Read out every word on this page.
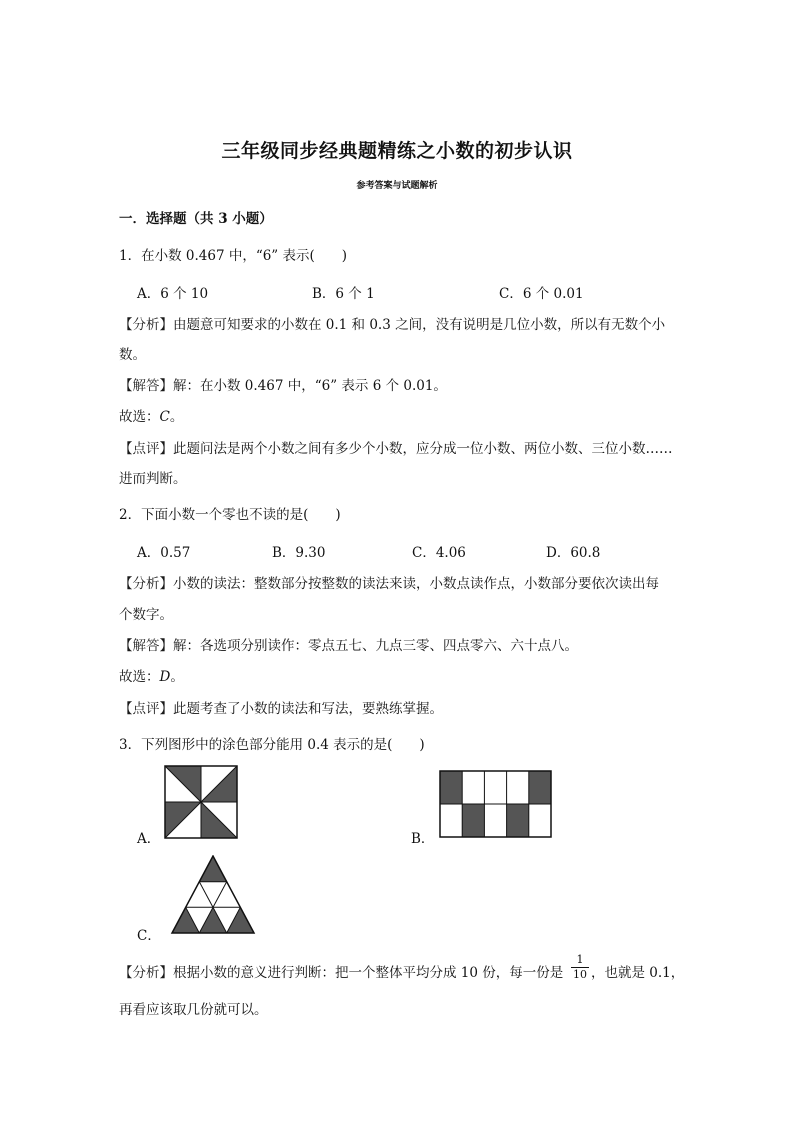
三年级同步经典题精练之小数的初步认识
参考答案与试题解析
一．选择题（共 3 小题）
1．在小数 0.467 中，“6” 表示(　　)
A．6 个 10	B．6 个 1	C．6 个 0.01
【分析】由题意可知要求的小数在 0.1 和 0.3 之间，没有说明是几位小数，所以有无数个小
数。
【解答】解：在小数 0.467 中，“6” 表示 6 个 0.01。
故选：C。
【点评】此题问法是两个小数之间有多少个小数，应分成一位小数、两位小数、三位小数……
进而判断。
2．下面小数一个零也不读的是(　　)
A．0.57	B．9.30	C．4.06	D．60.8
【分析】小数的读法：整数部分按整数的读法来读，小数点读作点，小数部分要依次读出每
个数字。
【解答】解：各选项分别读作：零点五七、九点三零、四点零六、六十点八。
故选：D。
【点评】此题考查了小数的读法和写法，要熟练掌握。
3．下列图形中的涂色部分能用 0.4 表示的是(　　)
A．	B．
C．
【分析】根据小数的意义进行判断：把一个整体平均分成 10 份，每一份是 $\frac{1}{10}$ ，也就是 0.1，
再看应该取几份就可以。
